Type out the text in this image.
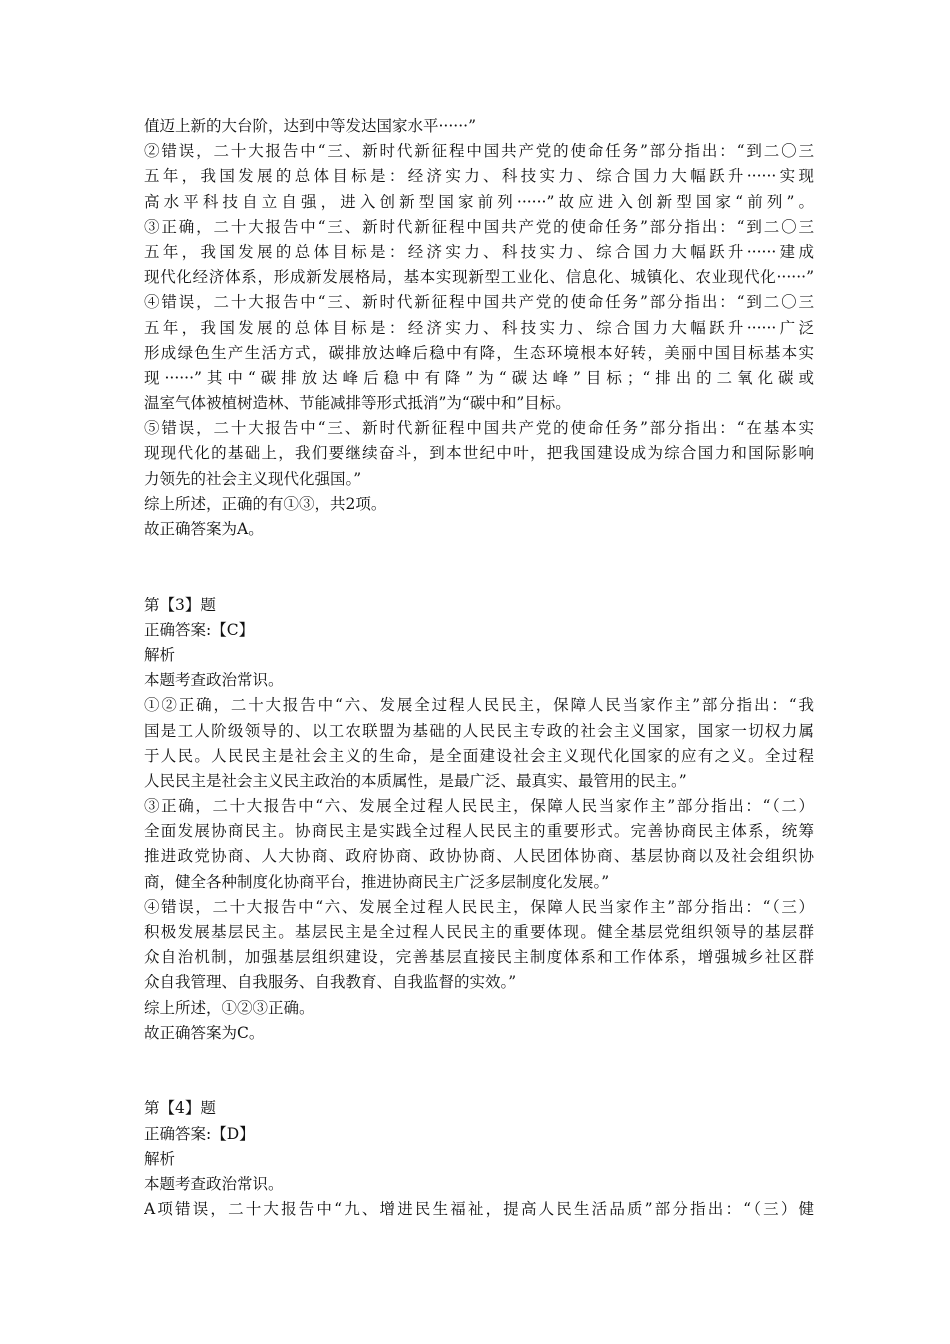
值迈上新的大台阶，达到中等发达国家水平······”
②错误，二十大报告中“三、新时代新征程中国共产党的使命任务”部分指出：“到二〇三
五年，我国发展的总体目标是：经济实力、科技实力、综合国力大幅跃升······实现
高水平科技自立自强，进入创新型国家前列······”故应进入创新型国家“前列”。
③正确，二十大报告中“三、新时代新征程中国共产党的使命任务”部分指出：“到二〇三
五年，我国发展的总体目标是：经济实力、科技实力、综合国力大幅跃升······建成
现代化经济体系，形成新发展格局，基本实现新型工业化、信息化、城镇化、农业现代化······”
④错误，二十大报告中“三、新时代新征程中国共产党的使命任务”部分指出：“到二〇三
五年，我国发展的总体目标是：经济实力、科技实力、综合国力大幅跃升······广泛
形成绿色生产生活方式，碳排放达峰后稳中有降，生态环境根本好转，美丽中国目标基本实
现······”其中“碳排放达峰后稳中有降”为“碳达峰”目标；“排出的二氧化碳或
温室气体被植树造林、节能减排等形式抵消”为“碳中和”目标。
⑤错误，二十大报告中“三、新时代新征程中国共产党的使命任务”部分指出：“在基本实
现现代化的基础上，我们要继续奋斗，到本世纪中叶，把我国建设成为综合国力和国际影响
力领先的社会主义现代化强国。”
综上所述，正确的有①③，共2项。
故正确答案为A。
第【3】题
正确答案:【C】
解析
本题考查政治常识。
①②正确，二十大报告中“六、发展全过程人民民主，保障人民当家作主”部分指出：“我
国是工人阶级领导的、以工农联盟为基础的人民民主专政的社会主义国家，国家一切权力属
于人民。人民民主是社会主义的生命，是全面建设社会主义现代化国家的应有之义。全过程
人民民主是社会主义民主政治的本质属性，是最广泛、最真实、最管用的民主。”
③正确，二十大报告中“六、发展全过程人民民主，保障人民当家作主”部分指出：“（二）
全面发展协商民主。协商民主是实践全过程人民民主的重要形式。完善协商民主体系，统筹
推进政党协商、人大协商、政府协商、政协协商、人民团体协商、基层协商以及社会组织协
商，健全各种制度化协商平台，推进协商民主广泛多层制度化发展。”
④错误，二十大报告中“六、发展全过程人民民主，保障人民当家作主”部分指出：“（三）
积极发展基层民主。基层民主是全过程人民民主的重要体现。健全基层党组织领导的基层群
众自治机制，加强基层组织建设，完善基层直接民主制度体系和工作体系，增强城乡社区群
众自我管理、自我服务、自我教育、自我监督的实效。”
综上所述，①②③正确。
故正确答案为C。
第【4】题
正确答案:【D】
解析
本题考查政治常识。
A项错误，二十大报告中“九、增进民生福祉，提高人民生活品质”部分指出：“（三）健
